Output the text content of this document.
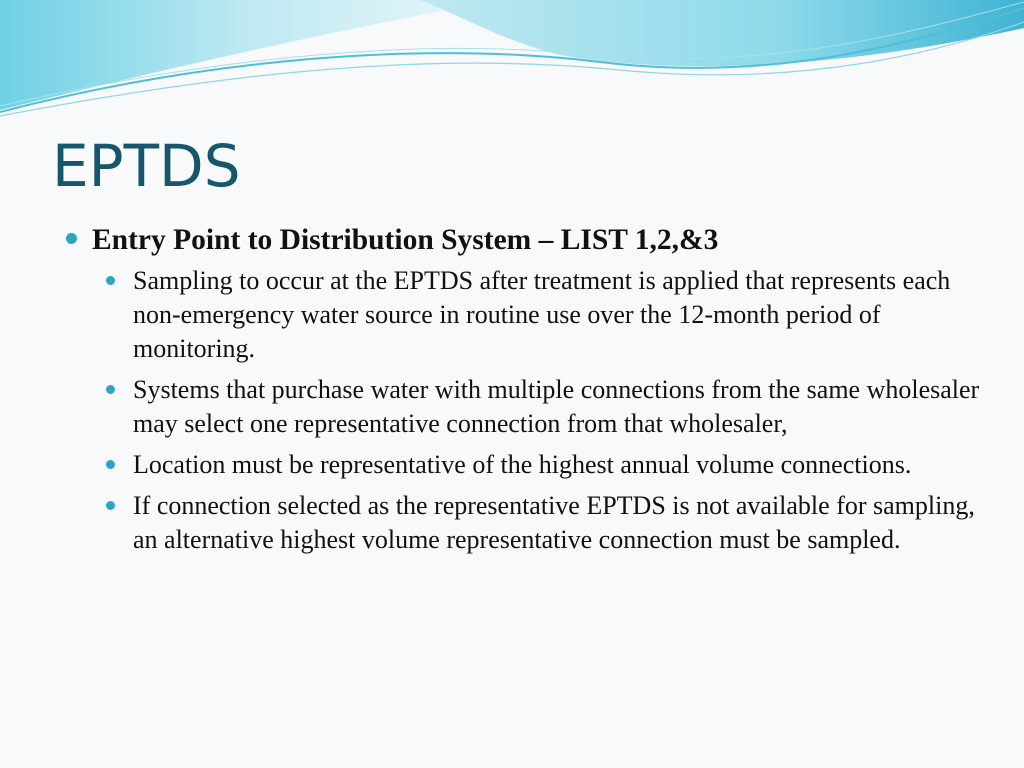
EPTDS
Entry Point to Distribution System – LIST 1,2,&3
Sampling to occur at the EPTDS after treatment is applied that represents each non-emergency water source in routine use over the 12-month period of monitoring.
Systems that purchase water with multiple connections from the same wholesaler may select one representative connection from that wholesaler,
Location must be representative of the highest annual volume connections.
If connection selected as the representative EPTDS is not available for sampling, an alternative highest volume representative connection must be sampled.
